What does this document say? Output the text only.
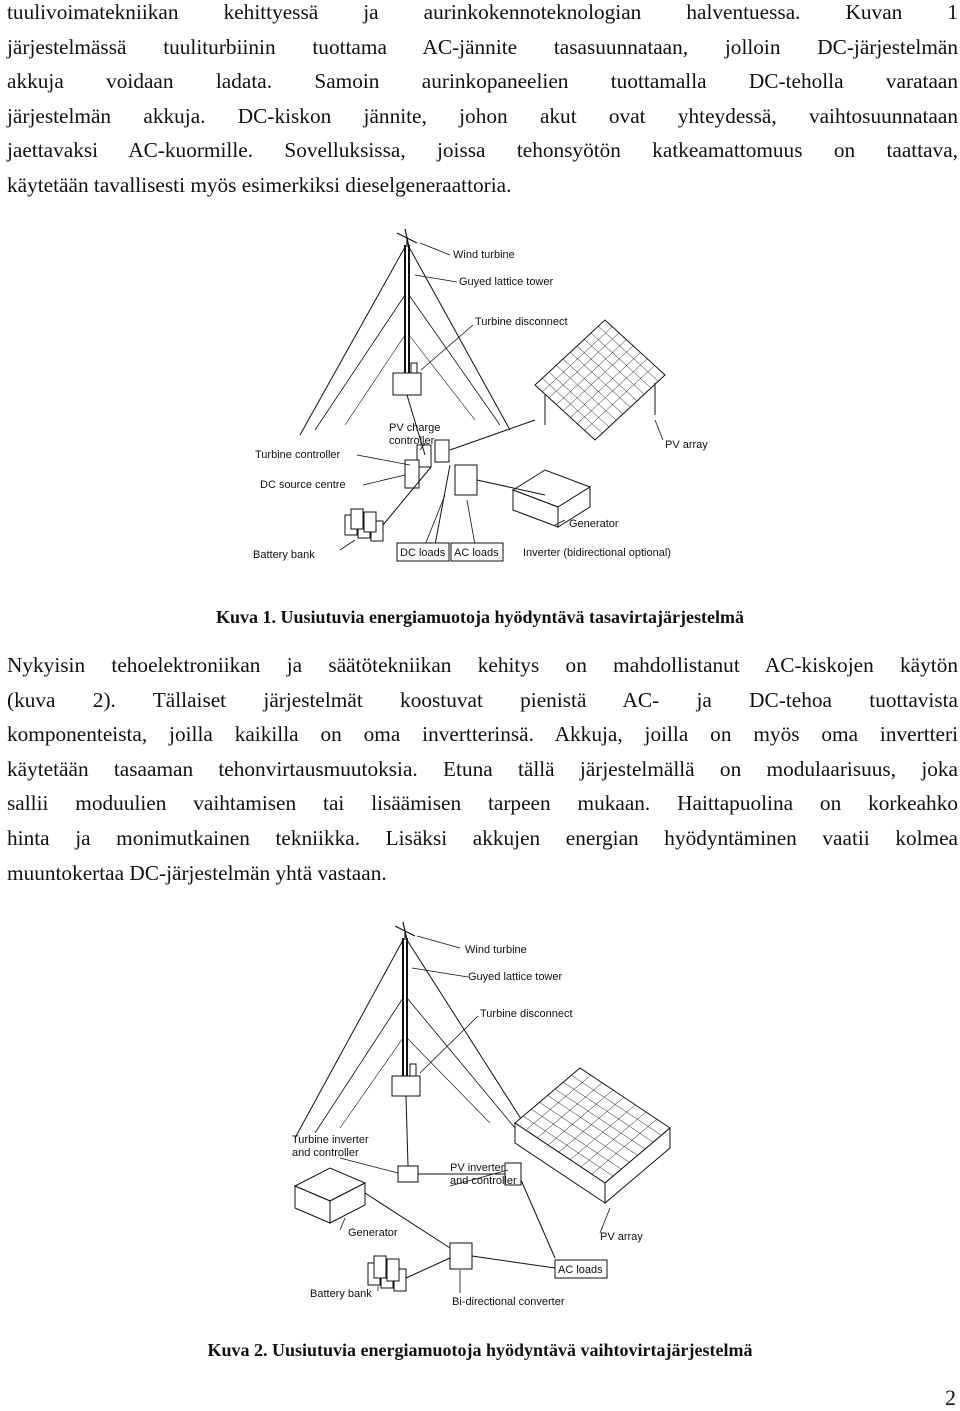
tuulivoimatekniikan kehittyessä ja aurinkokennoteknologian halventuessa. Kuvan 1
järjestelmässä tuuliturbiinin tuottama AC-jännite tasasuunnataan, jolloin DC-järjestelmän
akkuja voidaan ladata. Samoin aurinkopaneelien tuottamalla DC-teholla varataan
järjestelmän akkuja. DC-kiskon jännite, johon akut ovat yhteydessä, vaihtosuunnataan
jaettavaksi AC-kuormille. Sovelluksissa, joissa tehonsyötön katkeamattomuus on taattava,
käytetään tavallisesti myös esimerkiksi dieselgeneraattoria.
Wind turbine
Guyed lattice tower
Turbine disconnect
PV charge
controller	PV array
Turbine controller
DC source centre
Generator
Battery bank	DC loads AC loads Inverter (bidirectional optional)

Kuva 1. Uusiutuvia energiamuotoja hyödyntävä tasavirtajärjestelmä

Nykyisin tehoelektroniikan ja säätötekniikan kehitys on mahdollistanut AC-kiskojen käytön
(kuva 2). Tällaiset järjestelmät koostuvat pienistä AC- ja DC-tehoa tuottavista
komponenteista, joilla kaikilla on oma invertterinsä. Akkuja, joilla on myös oma invertteri
käytetään tasaaman tehonvirtausmuutoksia. Etuna tällä järjestelmällä on modulaarisuus, joka
sallii moduulien vaihtamisen tai lisäämisen tarpeen mukaan. Haittapuolina on korkeahko
hinta ja monimutkainen tekniikka. Lisäksi akkujen energian hyödyntäminen vaatii kolmea
muuntokertaa DC-järjestelmän yhtä vastaan.
Wind turbine
Guyed lattice tower
Turbine disconnect
Turbine inverter
and controller
PV inverter
and controller
Generator	PV array
AC loads
Battery bank
Bi-directional converter

Kuva 2. Uusiutuvia energiamuotoja hyödyntävä vaihtovirtajärjestelmä

2
